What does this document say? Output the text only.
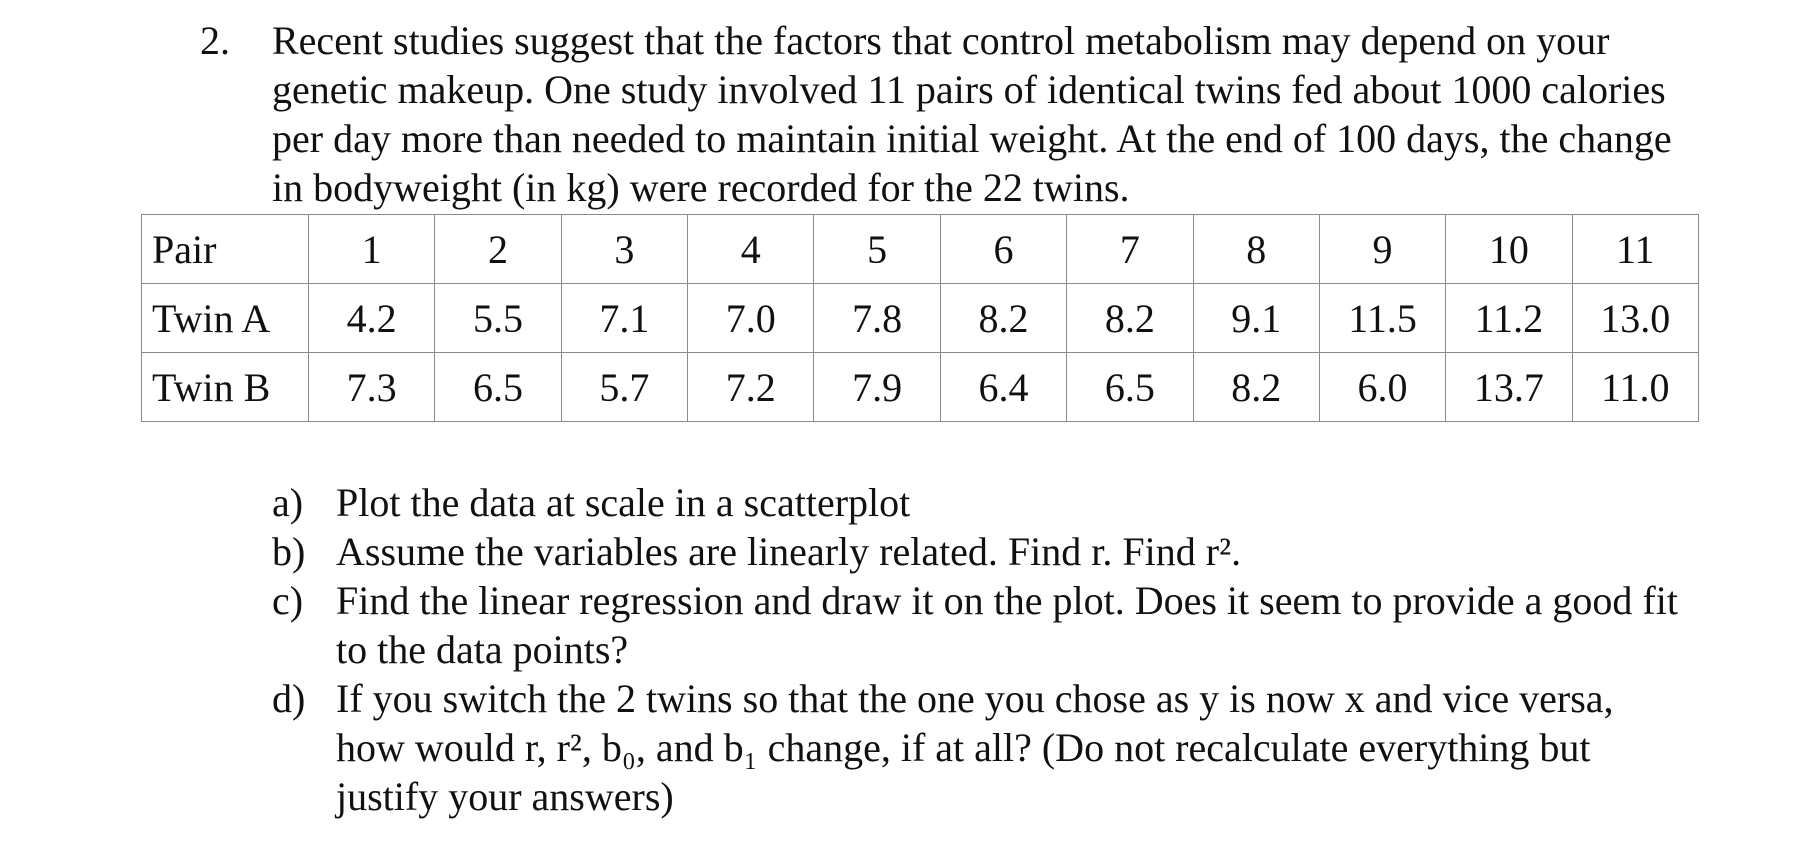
2.	Recent studies suggest that the factors that control metabolism may depend on your genetic makeup. One study involved 11 pairs of identical twins fed about 1000 calories per day more than needed to maintain initial weight. At the end of 100 days, the change in bodyweight (in kg) were recorded for the 22 twins.
Pair	1	2	3	4	5	6	7	8	9	10	11
Twin A	4.2	5.5	7.1	7.0	7.8	8.2	8.2	9.1	11.5	11.2	13.0
Twin B	7.3	6.5	5.7	7.2	7.9	6.4	6.5	8.2	6.0	13.7	11.0
a) Plot the data at scale in a scatterplot
b) Assume the variables are linearly related. Find r. Find r².
c) Find the linear regression and draw it on the plot. Does it seem to provide a good fit to the data points?
d) If you switch the 2 twins so that the one you chose as y is now x and vice versa, how would r, r², b₀, and b₁ change, if at all? (Do not recalculate everything but justify your answers)
